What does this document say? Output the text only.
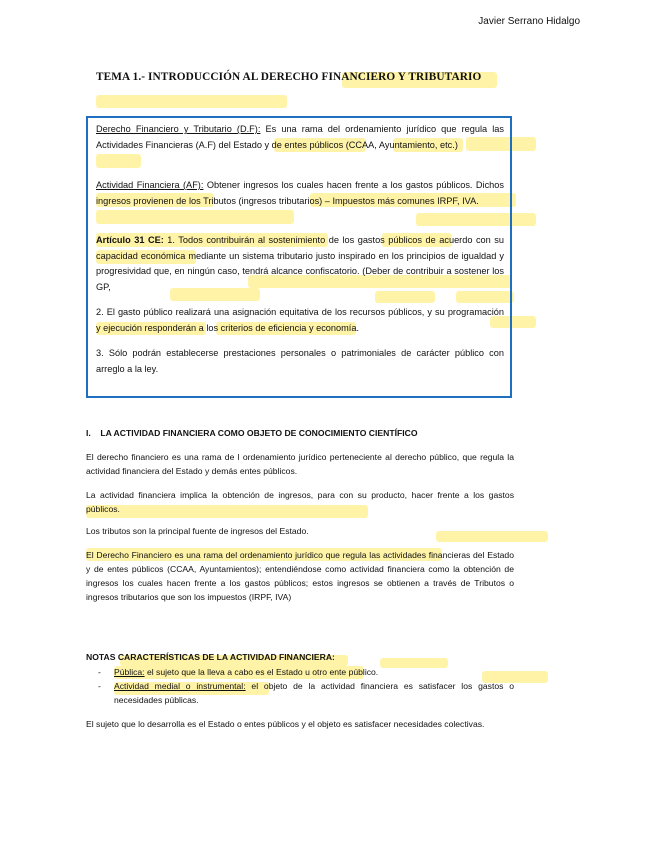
Javier Serrano Hidalgo
TEMA 1.- INTRODUCCIÓN AL DERECHO FINANCIERO Y TRIBUTARIO

Derecho Financiero y Tributario (D.F): Es una rama del ordenamiento jurídico que regula las Actividades Financieras (A.F) del Estado y de entes públicos (CCAA, Ayuntamiento, etc.)

Actividad Financiera (AF): Obtener ingresos los cuales hacen frente a los gastos públicos. Dichos ingresos provienen de los Tributos (ingresos tributarios) – Impuestos más comunes IRPF, IVA.

Artículo 31 CE: 1. Todos contribuirán al sostenimiento de los gastos públicos de acuerdo con su capacidad económica mediante un sistema tributario justo inspirado en los principios de igualdad y progresividad que, en ningún caso, tendrá alcance confiscatorio. (Deber de contribuir a sostener los GP,

2. El gasto público realizará una asignación equitativa de los recursos públicos, y su programación y ejecución responderán a los criterios de eficiencia y economía.

3. Sólo podrán establecerse prestaciones personales o patrimoniales de carácter público con arreglo a la ley.

I.    LA ACTIVIDAD FINANCIERA COMO OBJETO DE CONOCIMIENTO CIENTÍFICO

El derecho financiero es una rama de l ordenamiento jurídico perteneciente al derecho público, que regula la actividad financiera del Estado y demás entes públicos.

La actividad financiera implica la obtención de ingresos, para con su producto, hacer frente a los gastos públicos.

Los tributos son la principal fuente de ingresos del Estado.

El Derecho Financiero es una rama del ordenamiento jurídico que regula las actividades financieras del Estado y de entes públicos (CCAA, Ayuntamientos); entendiéndose como actividad financiera como la obtención de ingresos los cuales hacen frente a los gastos públicos; estos ingresos se obtienen a través de Tributos o ingresos tributarios que son los impuestos (IRPF, IVA)

NOTAS CARACTERÍSTICAS DE LA ACTIVIDAD FINANCIERA:
- Pública: el sujeto que la lleva a cabo es el Estado u otro ente público.
- Actividad medial o instrumental: el objeto de la actividad financiera es satisfacer los gastos o necesidades públicas.

El sujeto que lo desarrolla es el Estado o entes públicos y el objeto es satisfacer necesidades colectivas.
